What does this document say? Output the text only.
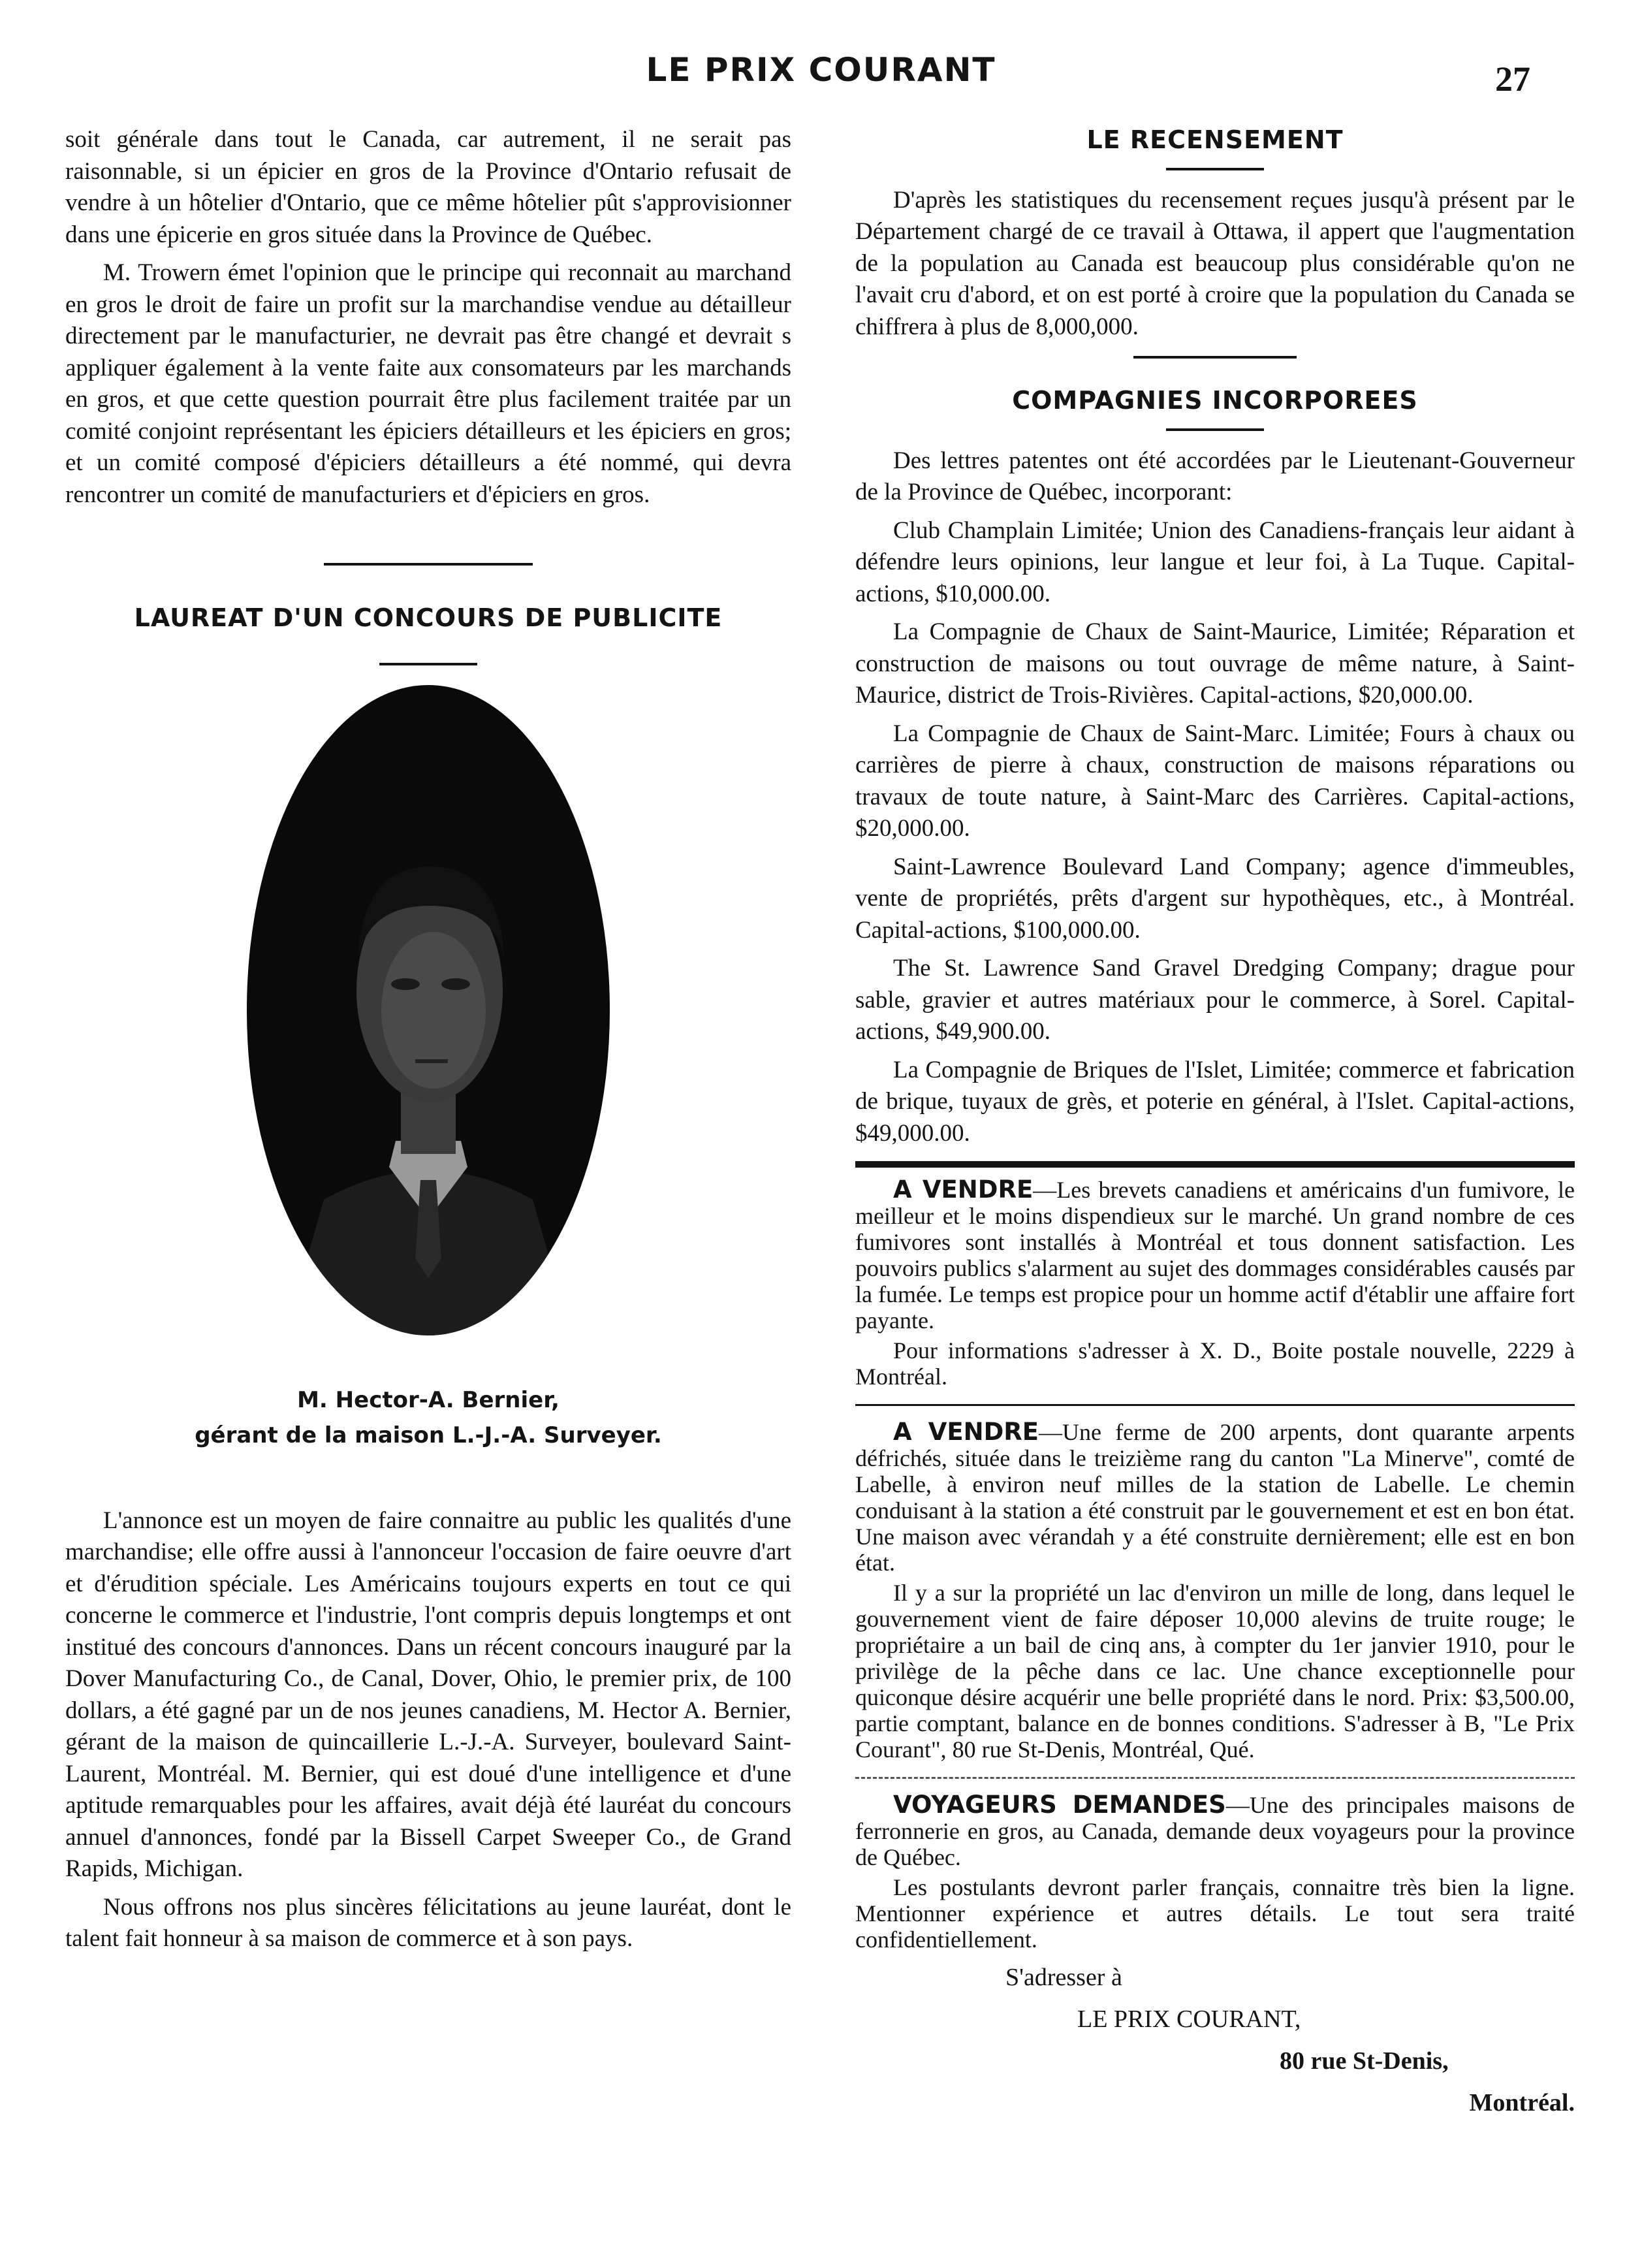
LE PRIX COURANT	27

soit générale dans tout le Canada, car autrement, il ne serait pas raisonnable, si un épicier en gros de la Province d'Ontario refusait de vendre à un hôtelier d'Ontario, que ce même hôtelier pût s'approvisionner dans une épicerie en gros située dans la Province de Québec.

M. Trowern émet l'opinion que le principe qui reconnait au marchand en gros le droit de faire un profit sur la marchandise vendue au détailleur directement par le manufacturier, ne devrait pas être changé et devrait s appliquer également à la vente faite aux consomateurs par les marchands en gros, et que cette question pourrait être plus facilement traitée par un comité conjoint représentant les épiciers détailleurs et les épiciers en gros; et un comité composé d'épiciers détailleurs a été nommé, qui devra rencontrer un comité de manufacturiers et d'épiciers en gros.

LAUREAT D'UN CONCOURS DE PUBLICITE
M. Hector-A. Bernier,
gérant de la maison L.-J.-A. Surveyer.

L'annonce est un moyen de faire connaitre au public les qualités d'une marchandise; elle offre aussi à l'annonceur l'occasion de faire oeuvre d'art et d'érudition spéciale. Les Américains toujours experts en tout ce qui concerne le commerce et l'industrie, l'ont compris depuis longtemps et ont institué des concours d'annonces. Dans un récent concours inauguré par la Dover Manufacturing Co., de Canal, Dover, Ohio, le premier prix, de 100 dollars, a été gagné par un de nos jeunes canadiens, M. Hector A. Bernier, gérant de la maison de quincaillerie L.-J.-A. Surveyer, boulevard Saint-Laurent, Montréal. M. Bernier, qui est doué d'une intelligence et d'une aptitude remarquables pour les affaires, avait déjà été lauréat du concours annuel d'annonces, fondé par la Bissell Carpet Sweeper Co., de Grand Rapids, Michigan.

Nous offrons nos plus sincères félicitations au jeune lauréat, dont le talent fait honneur à sa maison de commerce et à son pays.

LE RECENSEMENT

D'après les statistiques du recensement reçues jusqu'à présent par le Département chargé de ce travail à Ottawa, il appert que l'augmentation de la population au Canada est beaucoup plus considérable qu'on ne l'avait cru d'abord, et on est porté à croire que la population du Canada se chiffrera à plus de 8,000,000.

COMPAGNIES INCORPOREES

Des lettres patentes ont été accordées par le Lieutenant-Gouverneur de la Province de Québec, incorporant:

Club Champlain Limitée; Union des Canadiens-français leur aidant à défendre leurs opinions, leur langue et leur foi, à La Tuque. Capital-actions, $10,000.00.

La Compagnie de Chaux de Saint-Maurice, Limitée; Réparation et construction de maisons ou tout ouvrage de même nature, à Saint-Maurice, district de Trois-Rivières. Capital-actions, $20,000.00.

La Compagnie de Chaux de Saint-Marc. Limitée; Fours à chaux ou carrières de pierre à chaux, construction de maisons réparations ou travaux de toute nature, à Saint-Marc des Carrières. Capital-actions, $20,000.00.

Saint-Lawrence Boulevard Land Company; agence d'immeubles, vente de propriétés, prêts d'argent sur hypothèques, etc., à Montréal. Capital-actions, $100,000.00.

The St. Lawrence Sand Gravel Dredging Company; drague pour sable, gravier et autres matériaux pour le commerce, à Sorel. Capital-actions, $49,900.00.

La Compagnie de Briques de l'Islet, Limitée; commerce et fabrication de brique, tuyaux de grès, et poterie en général, à l'Islet. Capital-actions, $49,000.00.

A VENDRE—Les brevets canadiens et américains d'un fumivore, le meilleur et le moins dispendieux sur le marché. Un grand nombre de ces fumivores sont installés à Montréal et tous donnent satisfaction. Les pouvoirs publics s'alarment au sujet des dommages considérables causés par la fumée. Le temps est propice pour un homme actif d'établir une affaire fort payante.

Pour informations s'adresser à X. D., Boite postale nouvelle, 2229 à Montréal.

A VENDRE—Une ferme de 200 arpents, dont quarante arpents défrichés, située dans le treizième rang du canton "La Minerve", comté de Labelle, à environ neuf milles de la station de Labelle. Le chemin conduisant à la station a été construit par le gouvernement et est en bon état. Une maison avec vérandah y a été construite dernièrement; elle est en bon état.

Il y a sur la propriété un lac d'environ un mille de long, dans lequel le gouvernement vient de faire déposer 10,000 alevins de truite rouge; le propriétaire a un bail de cinq ans, à compter du 1er janvier 1910, pour le privilège de la pêche dans ce lac. Une chance exceptionnelle pour quiconque désire acquérir une belle propriété dans le nord. Prix: $3,500.00, partie comptant, balance en de bonnes conditions. S'adresser à B, "Le Prix Courant", 80 rue St-Denis, Montréal, Qué.

VOYAGEURS DEMANDES—Une des principales maisons de ferronnerie en gros, au Canada, demande deux voyageurs pour la province de Québec.

Les postulants devront parler français, connaitre très bien la ligne. Mentionner expérience et autres détails. Le tout sera traité confidentiellement.

S'adresser à
LE PRIX COURANT,
80 rue St-Denis,
Montréal.
